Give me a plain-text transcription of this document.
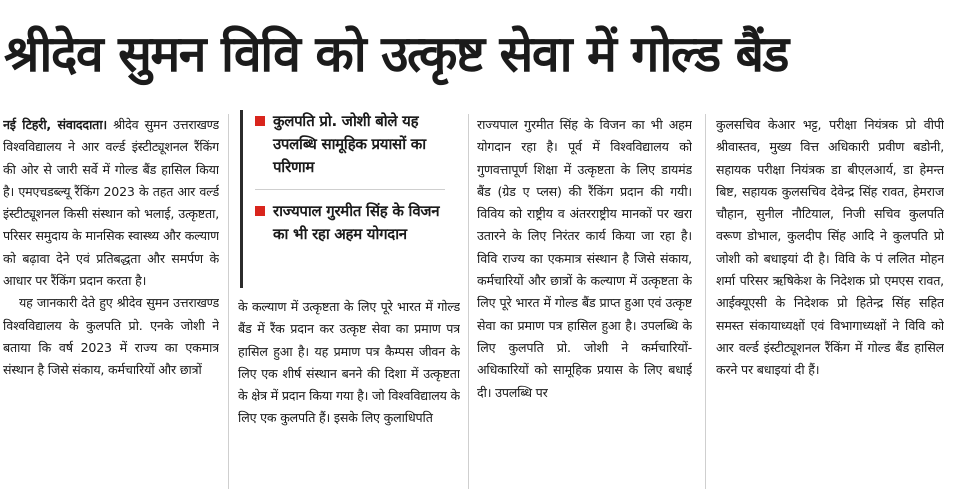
श्रीदेव सुमन विवि को उत्कृष्ट सेवा में गोल्ड बैंड

नई टिहरी, संवाददाता। श्रीदेव सुमन उत्तराखण्ड विश्वविद्यालय ने आर वर्ल्ड इंस्टीट्यूशनल रैंकिंग की ओर से जारी सर्वे में गोल्ड बैंड हासिल किया है। एमएचडब्ल्यू रैंकिंग 2023 के तहत आर वर्ल्ड इंस्टीट्यूशनल किसी संस्थान को भलाई, उत्कृष्टता, परिसर समुदाय के मानसिक स्वास्थ्य और कल्याण को बढ़ावा देने एवं प्रतिबद्धता और समर्पण के आधार पर रैंकिंग प्रदान करता है।

यह जानकारी देते हुए श्रीदेव सुमन उत्तराखण्ड विश्वविद्यालय के कुलपति प्रो. एनके जोशी ने बताया कि वर्ष 2023 में राज्य का एकमात्र संस्थान है जिसे संकाय, कर्मचारियों और छात्रों

कुलपति प्रो. जोशी बोले यह उपलब्धि सामूहिक प्रयासों का परिणाम
राज्यपाल गुरमीत सिंह के विजन का भी रहा अहम योगदान

के कल्याण में उत्कृष्टता के लिए पूरे भारत में गोल्ड बैंड में रैंक प्रदान कर उत्कृष्ट सेवा का प्रमाण पत्र हासिल हुआ है। यह प्रमाण पत्र कैम्पस जीवन के लिए एक शीर्ष संस्थान बनने की दिशा में उत्कृष्टता के क्षेत्र में प्रदान किया गया है। जो विश्वविद्यालय के लिए एक कुलपति हैं। इसके लिए कुलाधिपति

राज्यपाल गुरमीत सिंह के विजन का भी अहम योगदान रहा है। पूर्व में विश्वविद्यालय को गुणवत्तापूर्ण शिक्षा में उत्कृष्टता के लिए डायमंड बैंड (ग्रेड ए प्लस) की रैंकिंग प्रदान की गयी। विविय को राष्ट्रीय व अंतरराष्ट्रीय मानकों पर खरा उतारने के लिए निरंतर कार्य किया जा रहा है। विवि राज्य का एकमात्र संस्थान है जिसे संकाय, कर्मचारियों और छात्रों के कल्याण में उत्कृष्टता के लिए पूरे भारत में गोल्ड बैंड प्राप्त हुआ एवं उत्कृष्ट सेवा का प्रमाण पत्र हासिल हुआ है। उपलब्धि के लिए कुलपति प्रो. जोशी ने कर्मचारियों-अधिकारियों को सामूहिक प्रयास के लिए बधाई दी। उपलब्धि पर

कुलसचिव केआर भट्ट, परीक्षा नियंत्रक प्रो वीपी श्रीवास्तव, मुख्य वित्त अधिकारी प्रवीण बडोनी, सहायक परीक्षा नियंत्रक डा बीएलआर्य, डा हेमन्त बिष्ट, सहायक कुलसचिव देवेन्द्र सिंह रावत, हेमराज चौहान, सुनील नौटियाल, निजी सचिव कुलपति वरूण डोभाल, कुलदीप सिंह आदि ने कुलपति प्रो जोशी को बधाइयां दी है। विवि के पं ललित मोहन शर्मा परिसर ऋषिकेश के निदेशक प्रो एमएस रावत, आईक्यूएसी के निदेशक प्रो हितेन्द्र सिंह सहित समस्त संकायाध्यक्षों एवं विभागाध्यक्षों ने विवि को आर वर्ल्ड इंस्टीट्यूशनल रैंकिंग में गोल्ड बैंड हासिल करने पर बधाइयां दी हैं।
